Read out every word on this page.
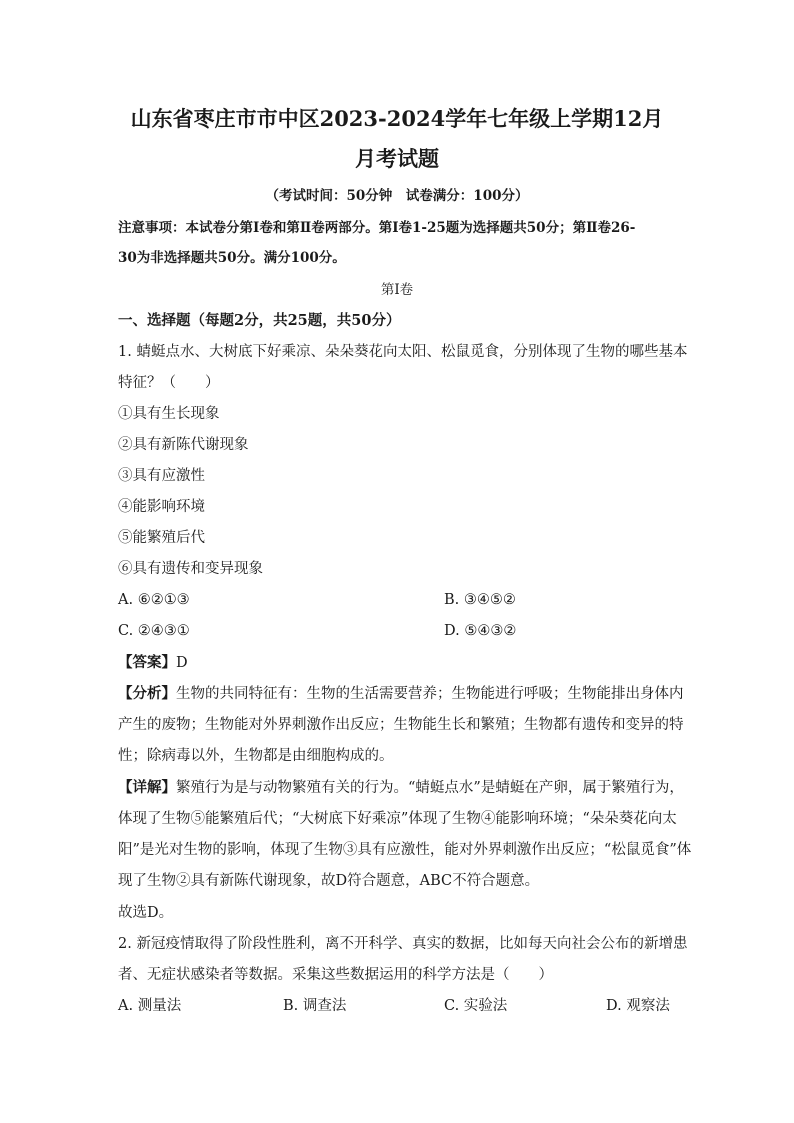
山东省枣庄市市中区2023-2024学年七年级上学期12月
月考试题
（考试时间：50分钟　试卷满分：100分）
注意事项：本试卷分第Ⅰ卷和第Ⅱ卷两部分。第Ⅰ卷1-25题为选择题共50分；第Ⅱ卷26-
30为非选择题共50分。满分100分。
第Ⅰ卷
一、选择题（每题2分，共25题，共50分）
1. 蜻蜓点水、大树底下好乘凉、朵朵葵花向太阳、松鼠觅食，分别体现了生物的哪些基本
特征？（　　）
①具有生长现象
②具有新陈代谢现象
③具有应激性
④能影响环境
⑤能繁殖后代
⑥具有遗传和变异现象
A. ⑥②①③	B. ③④⑤②
C. ②④③①	D. ⑤④③②
【答案】D
【分析】生物的共同特征有：生物的生活需要营养；生物能进行呼吸；生物能排出身体内
产生的废物；生物能对外界刺激作出反应；生物能生长和繁殖；生物都有遗传和变异的特
性；除病毒以外，生物都是由细胞构成的。
【详解】繁殖行为是与动物繁殖有关的行为。“蜻蜓点水”是蜻蜓在产卵，属于繁殖行为，
体现了生物⑤能繁殖后代；“大树底下好乘凉”体现了生物④能影响环境；“朵朵葵花向太
阳”是光对生物的影响，体现了生物③具有应激性，能对外界刺激作出反应；“松鼠觅食”体
现了生物②具有新陈代谢现象，故D符合题意，ABC不符合题意。
故选D。
2. 新冠疫情取得了阶段性胜利，离不开科学、真实的数据，比如每天向社会公布的新增患
者、无症状感染者等数据。采集这些数据运用的科学方法是（　　）
A. 测量法	B. 调查法	C. 实验法	D. 观察法
